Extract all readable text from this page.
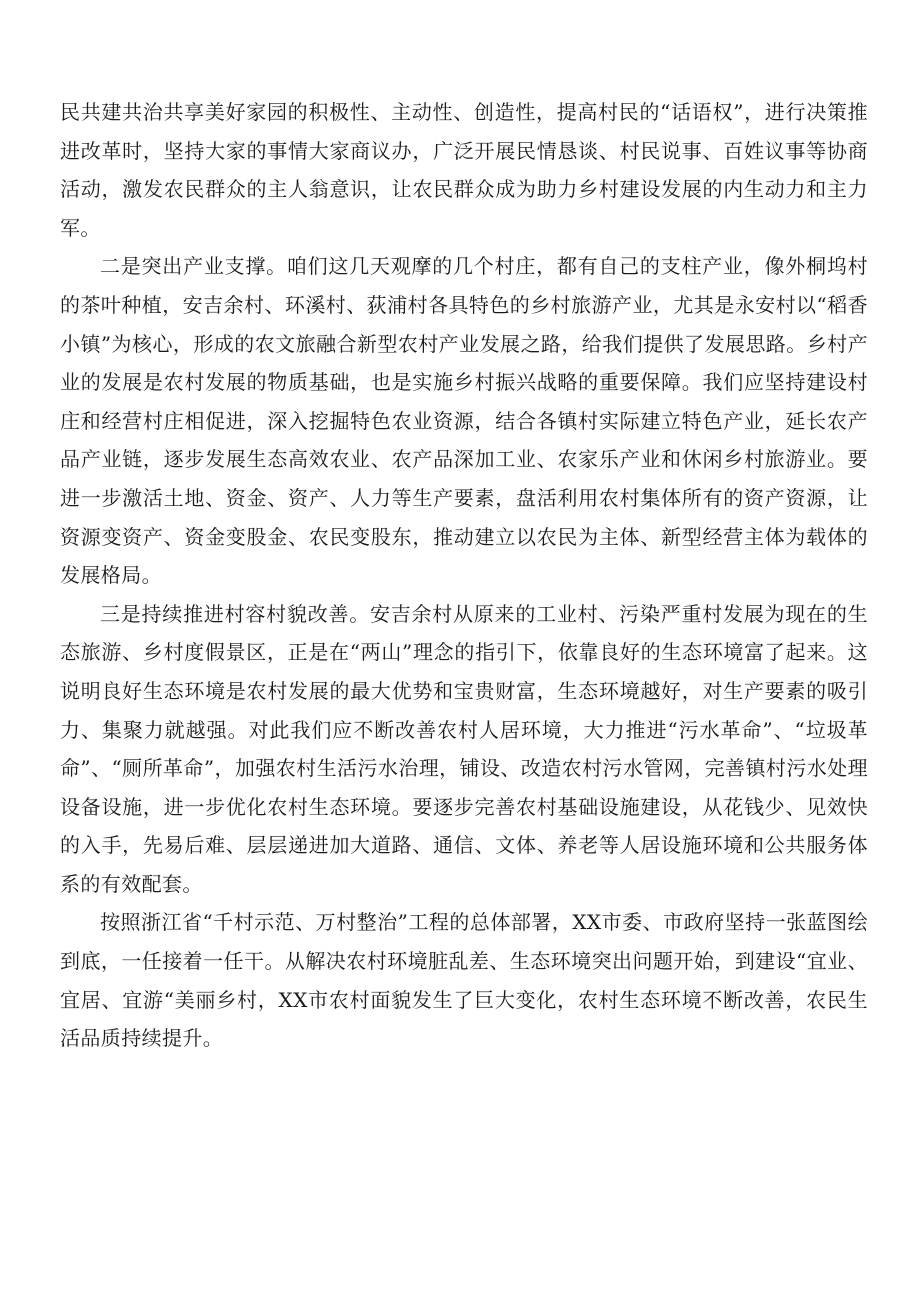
民共建共治共享美好家园的积极性、主动性、创造性，提高村民的“话语权”，进行决策推进改革时，坚持大家的事情大家商议办，广泛开展民情恳谈、村民说事、百姓议事等协商活动，激发农民群众的主人翁意识，让农民群众成为助力乡村建设发展的内生动力和主力军。

二是突出产业支撑。咱们这几天观摩的几个村庄，都有自己的支柱产业，像外桐坞村的茶叶种植，安吉余村、环溪村、荻浦村各具特色的乡村旅游产业，尤其是永安村以“稻香小镇”为核心，形成的农文旅融合新型农村产业发展之路，给我们提供了发展思路。乡村产业的发展是农村发展的物质基础，也是实施乡村振兴战略的重要保障。我们应坚持建设村庄和经营村庄相促进，深入挖掘特色农业资源，结合各镇村实际建立特色产业，延长农产品产业链，逐步发展生态高效农业、农产品深加工业、农家乐产业和休闲乡村旅游业。要进一步激活土地、资金、资产、人力等生产要素，盘活利用农村集体所有的资产资源，让资源变资产、资金变股金、农民变股东，推动建立以农民为主体、新型经营主体为载体的发展格局。

三是持续推进村容村貌改善。安吉余村从原来的工业村、污染严重村发展为现在的生态旅游、乡村度假景区，正是在“两山”理念的指引下，依靠良好的生态环境富了起来。这说明良好生态环境是农村发展的最大优势和宝贵财富，生态环境越好，对生产要素的吸引力、集聚力就越强。对此我们应不断改善农村人居环境，大力推进“污水革命”、“垃圾革命”、“厕所革命”，加强农村生活污水治理，铺设、改造农村污水管网，完善镇村污水处理设备设施，进一步优化农村生态环境。要逐步完善农村基础设施建设，从花钱少、见效快的入手，先易后难、层层递进加大道路、通信、文体、养老等人居设施环境和公共服务体系的有效配套。

按照浙江省“千村示范、万村整治”工程的总体部署，XX市委、市政府坚持一张蓝图绘到底，一任接着一任干。从解决农村环境脏乱差、生态环境突出问题开始，到建设“宜业、宜居、宜游“美丽乡村，XX市农村面貌发生了巨大变化，农村生态环境不断改善，农民生活品质持续提升。
